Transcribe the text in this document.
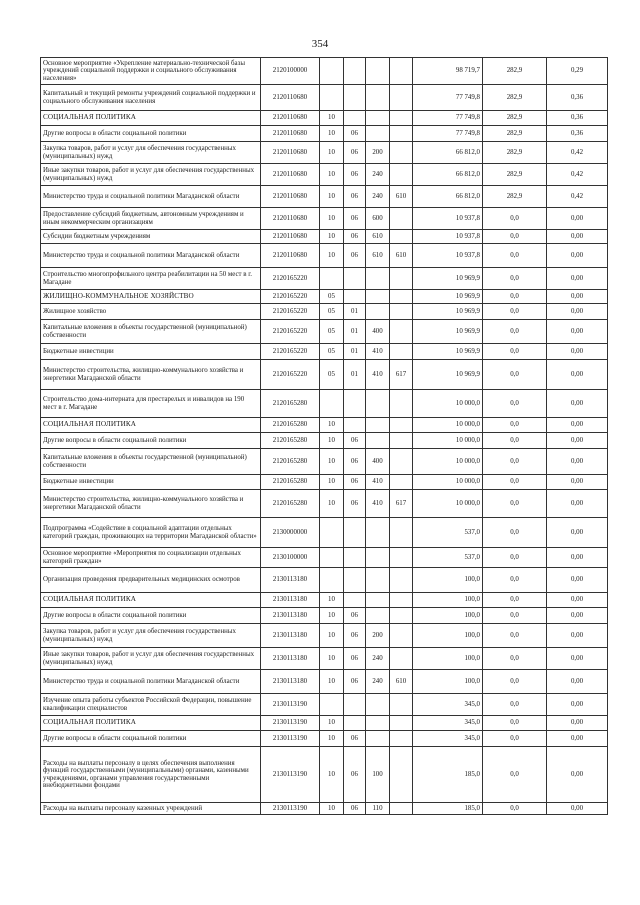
354
Основное мероприятие «Укрепление материально-технической базы учреждений социальной поддержки и социального обслуживания населения»	2120100000					98 719,7	282,9	0,29
Капитальный и текущий ремонты учреждений социальной поддержки и социального обслуживания населения	2120110680					77 749,8	282,9	0,36
СОЦИАЛЬНАЯ ПОЛИТИКА	2120110680	10				77 749,8	282,9	0,36
Другие вопросы в области социальной политики	2120110680	10	06			77 749,8	282,9	0,36
Закупка товаров, работ и услуг для обеспечения государственных (муниципальных) нужд	2120110680	10	06	200		66 812,0	282,9	0,42
Иные закупки товаров, работ и услуг для обеспечения государственных (муниципальных) нужд	2120110680	10	06	240		66 812,0	282,9	0,42
Министерство труда и социальной политики Магаданской области	2120110680	10	06	240	610	66 812,0	282,9	0,42
Предоставление субсидий бюджетным, автономным учреждениям и иным некоммерческим организациям	2120110680	10	06	600		10 937,8	0,0	0,00
Субсидии бюджетным учреждениям	2120110680	10	06	610		10 937,8	0,0	0,00
Министерство труда и социальной политики Магаданской области	2120110680	10	06	610	610	10 937,8	0,0	0,00
Строительство многопрофильного центра реабилитации на 50 мест в г. Магадане	2120165220					10 969,9	0,0	0,00
ЖИЛИЩНО-КОММУНАЛЬНОЕ ХОЗЯЙСТВО	2120165220	05				10 969,9	0,0	0,00
Жилищное хозяйство	2120165220	05	01			10 969,9	0,0	0,00
Капитальные вложения в объекты государственной (муниципальной) собственности	2120165220	05	01	400		10 969,9	0,0	0,00
Бюджетные инвестиции	2120165220	05	01	410		10 969,9	0,0	0,00
Министерство строительства, жилищно-коммунального хозяйства и энергетики Магаданской области	2120165220	05	01	410	617	10 969,9	0,0	0,00
Строительство дома-интерната для престарелых и инвалидов на 190 мест в г. Магадане	2120165280					10 000,0	0,0	0,00
СОЦИАЛЬНАЯ ПОЛИТИКА	2120165280	10				10 000,0	0,0	0,00
Другие вопросы в области социальной политики	2120165280	10	06			10 000,0	0,0	0,00
Капитальные вложения в объекты государственной (муниципальной) собственности	2120165280	10	06	400		10 000,0	0,0	0,00
Бюджетные инвестиции	2120165280	10	06	410		10 000,0	0,0	0,00
Министерство строительства, жилищно-коммунального хозяйства и энергетики Магаданской области	2120165280	10	06	410	617	10 000,0	0,0	0,00
Подпрограмма «Содействие в социальной адаптации отдельных категорий граждан, проживающих на территории Магаданской области»	2130000000					537,0	0,0	0,00
Основное мероприятие «Мероприятия по социализации отдельных категорий граждан»	2130100000					537,0	0,0	0,00
Организация проведения предварительных медицинских осмотров	2130113180					100,0	0,0	0,00
СОЦИАЛЬНАЯ ПОЛИТИКА	2130113180	10				100,0	0,0	0,00
Другие вопросы в области социальной политики	2130113180	10	06			100,0	0,0	0,00
Закупка товаров, работ и услуг для обеспечения государственных (муниципальных) нужд	2130113180	10	06	200		100,0	0,0	0,00
Иные закупки товаров, работ и услуг для обеспечения государственных (муниципальных) нужд	2130113180	10	06	240		100,0	0,0	0,00
Министерство труда и социальной политики Магаданской области	2130113180	10	06	240	610	100,0	0,0	0,00
Изучение опыта работы субъектов Российской Федерации, повышение квалификации специалистов	2130113190					345,0	0,0	0,00
СОЦИАЛЬНАЯ ПОЛИТИКА	2130113190	10				345,0	0,0	0,00
Другие вопросы в области социальной политики	2130113190	10	06			345,0	0,0	0,00
Расходы на выплаты персоналу в целях обеспечения выполнения функций государственными (муниципальными) органами, казенными учреждениями, органами управления государственными внебюджетными фондами	2130113190	10	06	100		185,0	0,0	0,00
Расходы на выплаты персоналу казенных учреждений	2130113190	10	06	110		185,0	0,0	0,00
